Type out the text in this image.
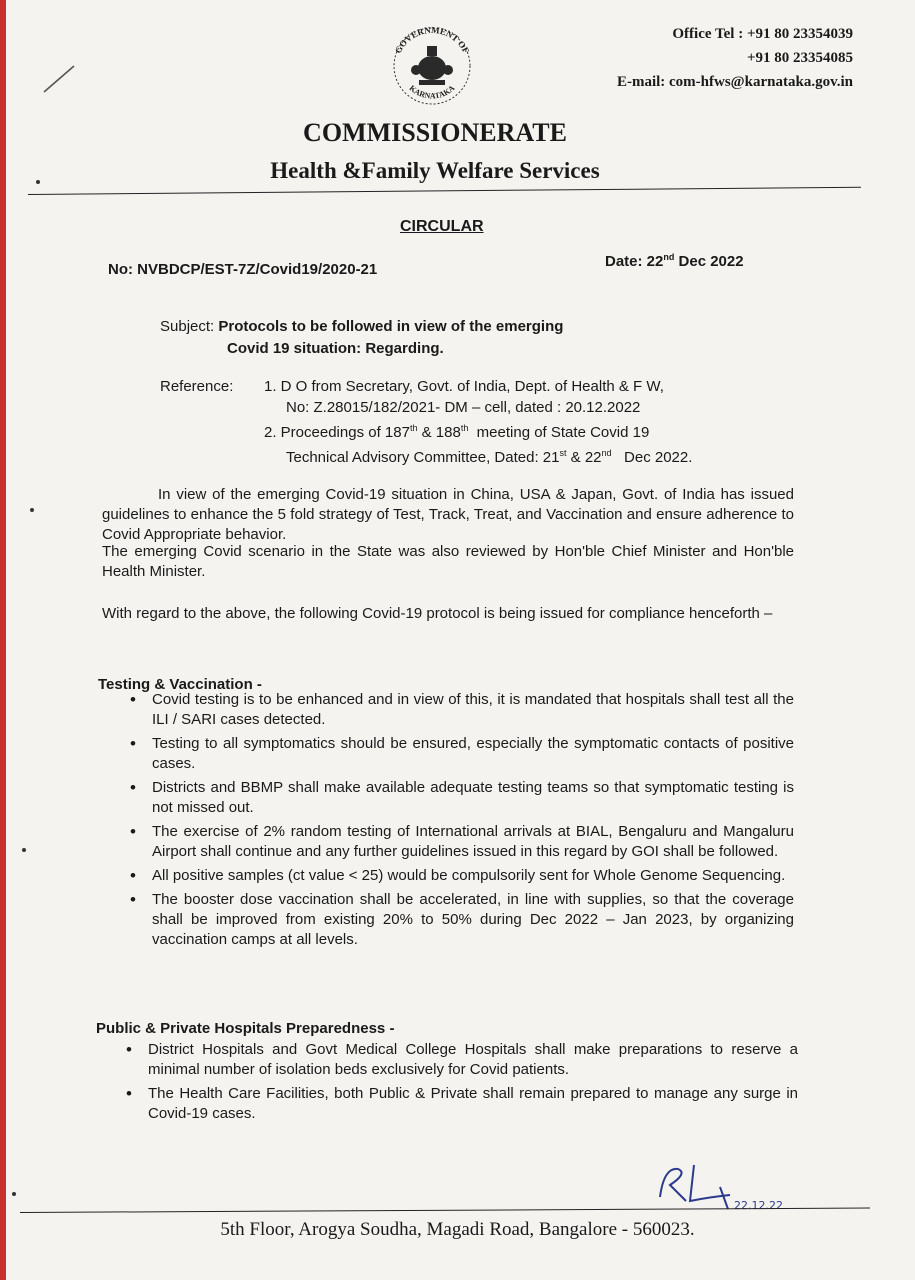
GOVERNMENT OF
KARNATAKA
Office Tel : +91 80 23354039
+91 80 23354085
E-mail: com-hfws@karnataka.gov.in
COMMISSIONERATE
Health &Family Welfare Services
CIRCULAR
No: NVBDCP/EST-7Z/Covid19/2020-21	Date: 22nd Dec 2022
Subject: Protocols to be followed in view of the emerging
Covid 19 situation: Regarding.
Reference:	1. D O from Secretary, Govt. of India, Dept. of Health & F W,
No: Z.28015/182/2021- DM – cell, dated : 20.12.2022
2. Proceedings of 187th & 188th  meeting of State Covid 19
Technical Advisory Committee, Dated: 21st & 22nd   Dec 2022.
In view of the emerging Covid-19 situation in China, USA & Japan, Govt. of India has issued guidelines to enhance the 5 fold strategy of Test, Track, Treat, and Vaccination and ensure adherence to Covid Appropriate behavior.
The emerging Covid scenario in the State was also reviewed by Hon'ble Chief Minister and Hon'ble Health Minister.
With regard to the above, the following Covid-19 protocol is being issued for compliance henceforth –
Testing & Vaccination -
• Covid testing is to be enhanced and in view of this, it is mandated that hospitals shall test all the ILI / SARI cases detected.
• Testing to all symptomatics should be ensured, especially the symptomatic contacts of positive cases.
• Districts and BBMP shall make available adequate testing teams so that symptomatic testing is not missed out.
• The exercise of 2% random testing of International arrivals at BIAL, Bengaluru and Mangaluru Airport shall continue and any further guidelines issued in this regard by GOI shall be followed.
• All positive samples (ct value < 25) would be compulsorily sent for Whole Genome Sequencing.
• The booster dose vaccination shall be accelerated, in line with supplies, so that the coverage shall be improved from existing 20% to 50% during Dec 2022 – Jan 2023, by organizing vaccination camps at all levels.
Public & Private Hospitals Preparedness -
• District Hospitals and Govt Medical College Hospitals shall make preparations to reserve a minimal number of isolation beds exclusively for Covid patients.
• The Health Care Facilities, both Public & Private shall remain prepared to manage any surge in Covid-19 cases.
22.12.22
5th Floor, Arogya Soudha, Magadi Road, Bangalore - 560023.
